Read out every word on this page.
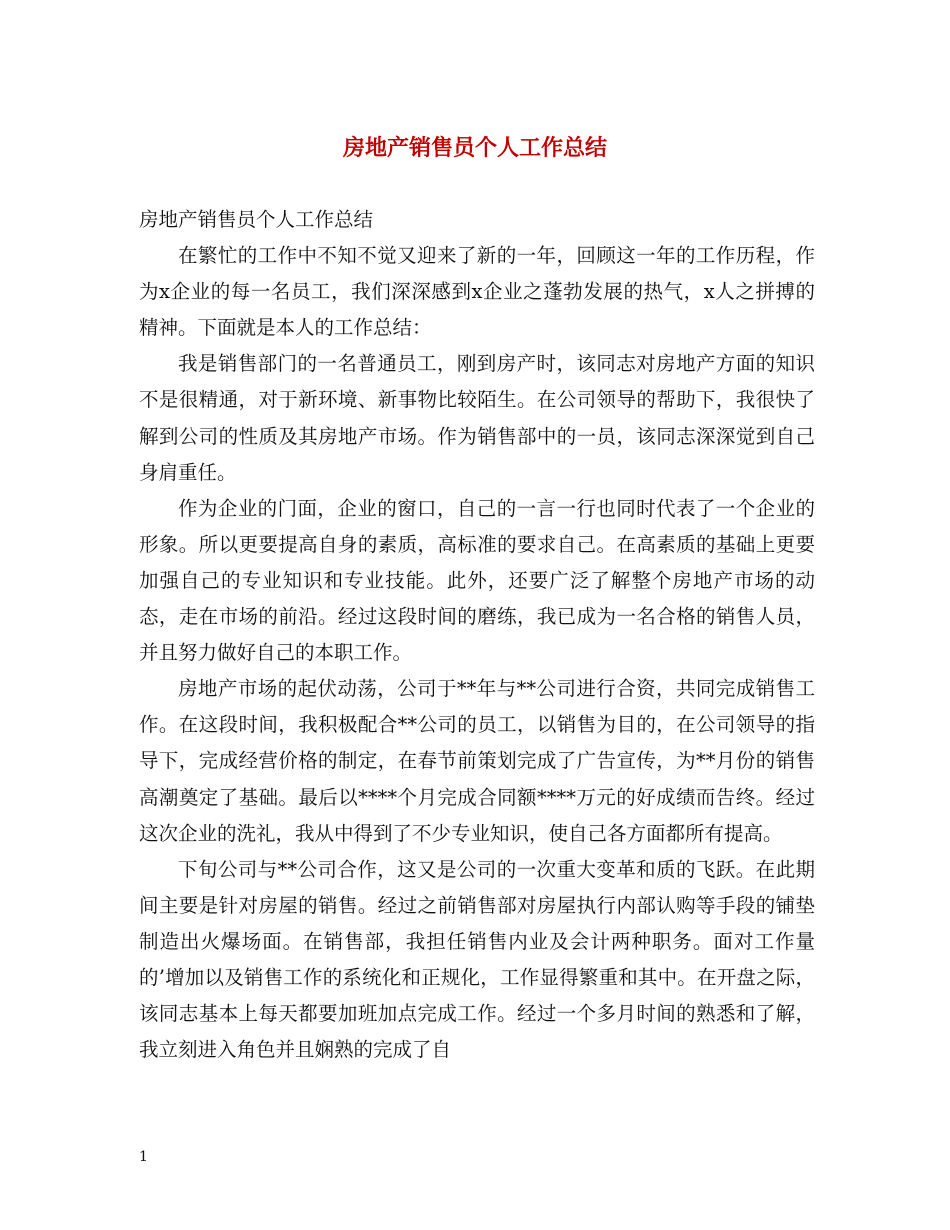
房地产销售员个人工作总结

房地产销售员个人工作总结

在繁忙的工作中不知不觉又迎来了新的一年，回顾这一年的工作历程，作为x企业的每一名员工，我们深深感到x企业之蓬勃发展的热气，x人之拼搏的精神。下面就是本人的工作总结：

我是销售部门的一名普通员工，刚到房产时，该同志对房地产方面的知识不是很精通，对于新环境、新事物比较陌生。在公司领导的帮助下，我很快了解到公司的性质及其房地产市场。作为销售部中的一员，该同志深深觉到自己身肩重任。

作为企业的门面，企业的窗口，自己的一言一行也同时代表了一个企业的形象。所以更要提高自身的素质，高标准的要求自己。在高素质的基础上更要加强自己的专业知识和专业技能。此外，还要广泛了解整个房地产市场的动态，走在市场的前沿。经过这段时间的磨练，我已成为一名合格的销售人员，并且努力做好自己的本职工作。

房地产市场的起伏动荡，公司于**年与**公司进行合资，共同完成销售工作。在这段时间，我积极配合**公司的员工，以销售为目的，在公司领导的指导下，完成经营价格的制定，在春节前策划完成了广告宣传，为**月份的销售高潮奠定了基础。最后以****个月完成合同额****万元的好成绩而告终。经过这次企业的洗礼，我从中得到了不少专业知识，使自己各方面都所有提高。

下旬公司与**公司合作，这又是公司的一次重大变革和质的飞跃。在此期间主要是针对房屋的销售。经过之前销售部对房屋执行内部认购等手段的铺垫制造出火爆场面。在销售部，我担任销售内业及会计两种职务。面对工作量的’增加以及销售工作的系统化和正规化，工作显得繁重和其中。在开盘之际，该同志基本上每天都要加班加点完成工作。经过一个多月时间的熟悉和了解，我立刻进入角色并且娴熟的完成了自

1
